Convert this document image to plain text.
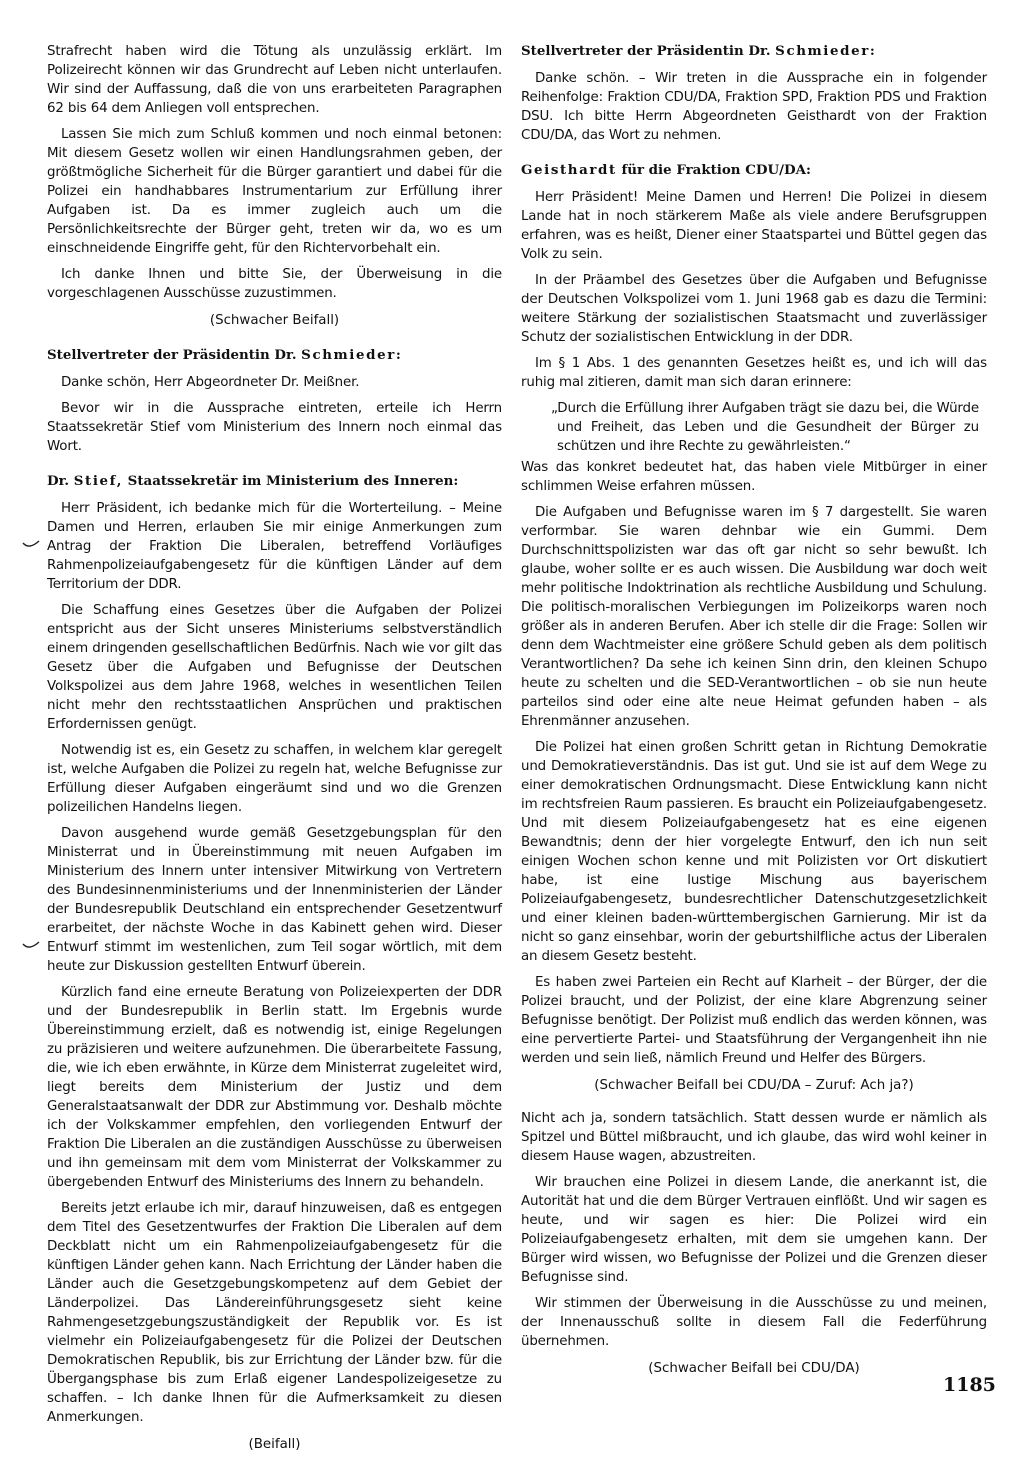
Strafrecht haben wird die Tötung als unzulässig erklärt. Im Polizeirecht können wir das Grundrecht auf Leben nicht unterlaufen. Wir sind der Auffassung, daß die von uns erarbeiteten Paragraphen 62 bis 64 dem Anliegen voll entsprechen.

Lassen Sie mich zum Schluß kommen und noch einmal betonen: Mit diesem Gesetz wollen wir einen Handlungsrahmen geben, der größtmögliche Sicherheit für die Bürger garantiert und dabei für die Polizei ein handhabbares Instrumentarium zur Erfüllung ihrer Aufgaben ist. Da es immer zugleich auch um die Persönlichkeitsrechte der Bürger geht, treten wir da, wo es um einschneidende Eingriffe geht, für den Richtervorbehalt ein.

Ich danke Ihnen und bitte Sie, der Überweisung in die vorgeschlagenen Ausschüsse zuzustimmen.

(Schwacher Beifall)
Stellvertreter der Präsidentin Dr. Schmieder:

Danke schön, Herr Abgeordneter Dr. Meißner.

Bevor wir in die Aussprache eintreten, erteile ich Herrn Staatssekretär Stief vom Ministerium des Innern noch einmal das Wort.

Dr. Stief, Staatssekretär im Ministerium des Inneren:

Herr Präsident, ich bedanke mich für die Worterteilung. – Meine Damen und Herren, erlauben Sie mir einige Anmerkungen zum Antrag der Fraktion Die Liberalen, betreffend Vorläufiges Rahmenpolizeiaufgabengesetz für die künftigen Länder auf dem Territorium der DDR.

Die Schaffung eines Gesetzes über die Aufgaben der Polizei entspricht aus der Sicht unseres Ministeriums selbstverständlich einem dringenden gesellschaftlichen Bedürfnis. Nach wie vor gilt das Gesetz über die Aufgaben und Befugnisse der Deutschen Volkspolizei aus dem Jahre 1968, welches in wesentlichen Teilen nicht mehr den rechtsstaatlichen Ansprüchen und praktischen Erfordernissen genügt.

Notwendig ist es, ein Gesetz zu schaffen, in welchem klar geregelt ist, welche Aufgaben die Polizei zu regeln hat, welche Befugnisse zur Erfüllung dieser Aufgaben eingeräumt sind und wo die Grenzen polizeilichen Handelns liegen.

Davon ausgehend wurde gemäß Gesetzgebungsplan für den Ministerrat und in Übereinstimmung mit neuen Aufgaben im Ministerium des Innern unter intensiver Mitwirkung von Vertretern des Bundesinnenministeriums und der Innenministerien der Länder der Bundesrepublik Deutschland ein entsprechender Gesetzentwurf erarbeitet, der nächste Woche in das Kabinett gehen wird. Dieser Entwurf stimmt im westenlichen, zum Teil sogar wörtlich, mit dem heute zur Diskussion gestellten Entwurf überein.

Kürzlich fand eine erneute Beratung von Polizeiexperten der DDR und der Bundesrepublik in Berlin statt. Im Ergebnis wurde Übereinstimmung erzielt, daß es notwendig ist, einige Regelungen zu präzisieren und weitere aufzunehmen. Die überarbeitete Fassung, die, wie ich eben erwähnte, in Kürze dem Ministerrat zugeleitet wird, liegt bereits dem Ministerium der Justiz und dem Generalstaatsanwalt der DDR zur Abstimmung vor. Deshalb möchte ich der Volkskammer empfehlen, den vorliegenden Entwurf der Fraktion Die Liberalen an die zuständigen Ausschüsse zu überweisen und ihn gemeinsam mit dem vom Ministerrat der Volkskammer zu übergebenden Entwurf des Ministeriums des Innern zu behandeln.

Bereits jetzt erlaube ich mir, darauf hinzuweisen, daß es entgegen dem Titel des Gesetzentwurfes der Fraktion Die Liberalen auf dem Deckblatt nicht um ein Rahmenpolizeiaufgabengesetz für die künftigen Länder gehen kann. Nach Errichtung der Länder haben die Länder auch die Gesetzgebungskompetenz auf dem Gebiet der Länderpolizei. Das Ländereinführungsgesetz sieht keine Rahmengesetzgebungszuständigkeit der Republik vor. Es ist vielmehr ein Polizeiaufgabengesetz für die Polizei der Deutschen Demokratischen Republik, bis zur Errichtung der Länder bzw. für die Übergangsphase bis zum Erlaß eigener Landespolizeigesetze zu schaffen. – Ich danke Ihnen für die Aufmerksamkeit zu diesen Anmerkungen.

(Beifall)
Stellvertreter der Präsidentin Dr. Schmieder:

Danke schön. – Wir treten in die Aussprache ein in folgender Reihenfolge: Fraktion CDU/DA, Fraktion SPD, Fraktion PDS und Fraktion DSU. Ich bitte Herrn Abgeordneten Geisthardt von der Fraktion CDU/DA, das Wort zu nehmen.

Geisthardt für die Fraktion CDU/DA:

Herr Präsident! Meine Damen und Herren! Die Polizei in diesem Lande hat in noch stärkerem Maße als viele andere Berufsgruppen erfahren, was es heißt, Diener einer Staatspartei und Büttel gegen das Volk zu sein.

In der Präambel des Gesetzes über die Aufgaben und Befugnisse der Deutschen Volkspolizei vom 1. Juni 1968 gab es dazu die Termini: weitere Stärkung der sozialistischen Staatsmacht und zuverlässiger Schutz der sozialistischen Entwicklung in der DDR.

Im § 1 Abs. 1 des genannten Gesetzes heißt es, und ich will das ruhig mal zitieren, damit man sich daran erinnere:

„Durch die Erfüllung ihrer Aufgaben trägt sie dazu bei, die Würde und Freiheit, das Leben und die Gesundheit der Bürger zu schützen und ihre Rechte zu gewährleisten.“

Was das konkret bedeutet hat, das haben viele Mitbürger in einer schlimmen Weise erfahren müssen.

Die Aufgaben und Befugnisse waren im § 7 dargestellt. Sie waren verformbar. Sie waren dehnbar wie ein Gummi. Dem Durchschnittspolizisten war das oft gar nicht so sehr bewußt. Ich glaube, woher sollte er es auch wissen. Die Ausbildung war doch weit mehr politische Indoktrination als rechtliche Ausbildung und Schulung. Die politisch-moralischen Verbiegungen im Polizeikorps waren noch größer als in anderen Berufen. Aber ich stelle dir die Frage: Sollen wir denn dem Wachtmeister eine größere Schuld geben als dem politisch Verantwortlichen? Da sehe ich keinen Sinn drin, den kleinen Schupo heute zu schelten und die SED-Verantwortlichen – ob sie nun heute parteilos sind oder eine alte neue Heimat gefunden haben – als Ehrenmänner anzusehen.

Die Polizei hat einen großen Schritt getan in Richtung Demokratie und Demokratieverständnis. Das ist gut. Und sie ist auf dem Wege zu einer demokratischen Ordnungsmacht. Diese Entwicklung kann nicht im rechtsfreien Raum passieren. Es braucht ein Polizeiaufgabengesetz. Und mit diesem Polizeiaufgabengesetz hat es eine eigenen Bewandtnis; denn der hier vorgelegte Entwurf, den ich nun seit einigen Wochen schon kenne und mit Polizisten vor Ort diskutiert habe, ist eine lustige Mischung aus bayerischem Polizeiaufgabengesetz, bundesrechtlicher Datenschutzgesetzlichkeit und einer kleinen baden-württembergischen Garnierung. Mir ist da nicht so ganz einsehbar, worin der geburtshilfliche actus der Liberalen an diesem Gesetz besteht.

Es haben zwei Parteien ein Recht auf Klarheit – der Bürger, der die Polizei braucht, und der Polizist, der eine klare Abgrenzung seiner Befugnisse benötigt. Der Polizist muß endlich das werden können, was eine pervertierte Partei- und Staatsführung der Vergangenheit ihn nie werden und sein ließ, nämlich Freund und Helfer des Bürgers.

(Schwacher Beifall bei CDU/DA – Zuruf: Ach ja?)

Nicht ach ja, sondern tatsächlich. Statt dessen wurde er nämlich als Spitzel und Büttel mißbraucht, und ich glaube, das wird wohl keiner in diesem Hause wagen, abzustreiten.

Wir brauchen eine Polizei in diesem Lande, die anerkannt ist, die Autorität hat und die dem Bürger Vertrauen einflößt. Und wir sagen es heute, und wir sagen es hier: Die Polizei wird ein Polizeiaufgabengesetz erhalten, mit dem sie umgehen kann. Der Bürger wird wissen, wo Befugnisse der Polizei und die Grenzen dieser Befugnisse sind.

Wir stimmen der Überweisung in die Ausschüsse zu und meinen, der Innenausschuß sollte in diesem Fall die Federführung übernehmen.

(Schwacher Beifall bei CDU/DA)
1185
